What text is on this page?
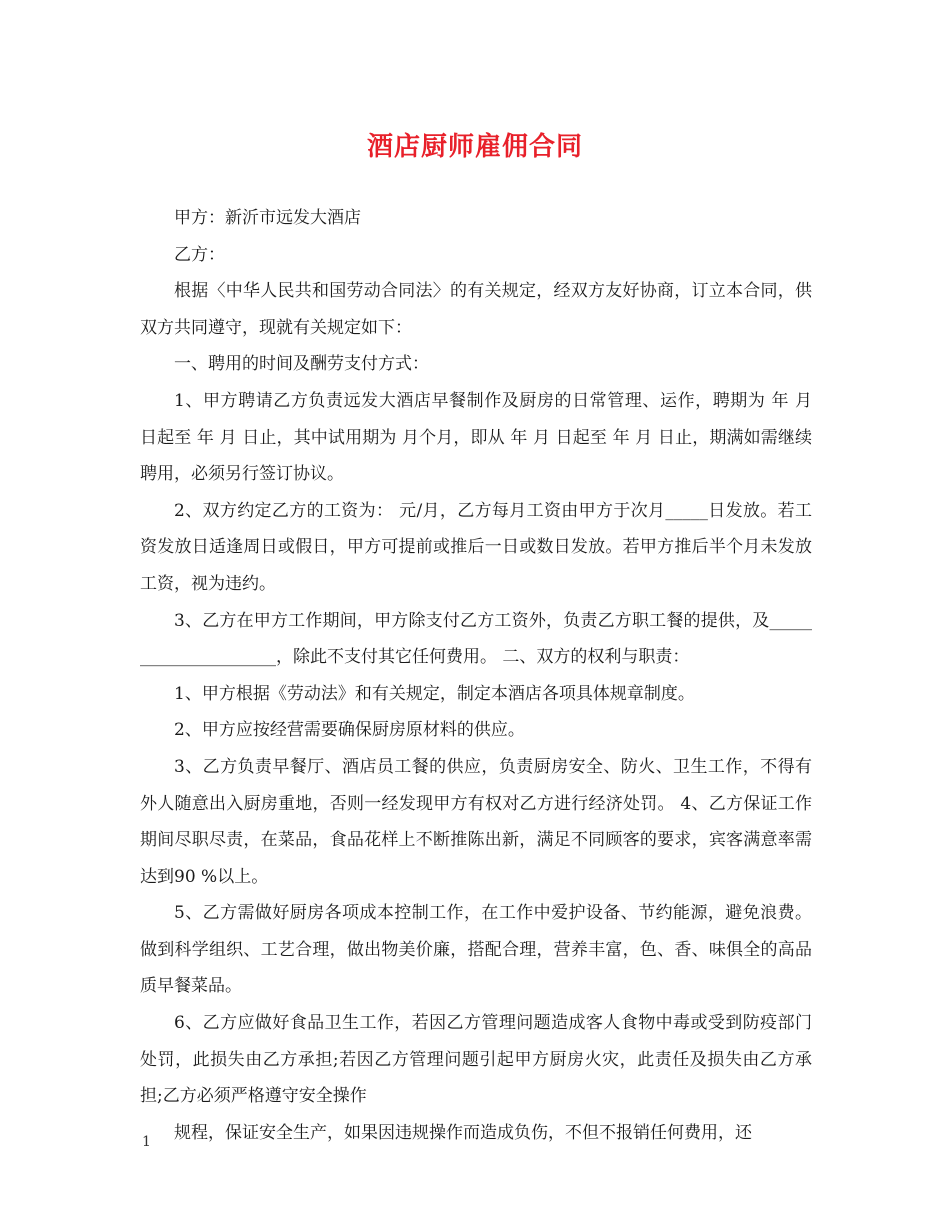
酒店厨师雇佣合同

甲方：新沂市远发大酒店

乙方：

根据〈中华人民共和国劳动合同法〉的有关规定，经双方友好协商，订立本合同，供双方共同遵守，现就有关规定如下：

一、聘用的时间及酬劳支付方式：

1、甲方聘请乙方负责远发大酒店早餐制作及厨房的日常管理、运作，聘期为 年 月 日起至 年 月 日止，其中试用期为 月个月，即从 年 月 日起至 年 月 日止，期满如需继续聘用，必须另行签订协议。

2、双方约定乙方的工资为： 元/月，乙方每月工资由甲方于次月_____日发放。若工资发放日适逢周日或假日，甲方可提前或推后一日或数日发放。若甲方推后半个月未发放工资，视为违约。

3、乙方在甲方工作期间，甲方除支付乙方工资外，负责乙方职工餐的提供，及_____________________，除此不支付其它任何费用。 二、双方的权利与职责：

1、甲方根据《劳动法》和有关规定，制定本酒店各项具体规章制度。

2、甲方应按经营需要确保厨房原材料的供应。

3、乙方负责早餐厅、酒店员工餐的供应，负责厨房安全、防火、卫生工作，不得有外人随意出入厨房重地，否则一经发现甲方有权对乙方进行经济处罚。 4、乙方保证工作期间尽职尽责，在菜品，食品花样上不断推陈出新，满足不同顾客的要求，宾客满意率需达到90 %以上。

5、乙方需做好厨房各项成本控制工作，在工作中爱护设备、节约能源，避免浪费。做到科学组织、工艺合理，做出物美价廉，搭配合理，营养丰富，色、香、味俱全的高品质早餐菜品。

6、乙方应做好食品卫生工作，若因乙方管理问题造成客人食物中毒或受到防疫部门处罚，此损失由乙方承担;若因乙方管理问题引起甲方厨房火灾，此责任及损失由乙方承担;乙方必须严格遵守安全操作

规程，保证安全生产，如果因违规操作而造成负伤，不但不报销任何费用，还

1
